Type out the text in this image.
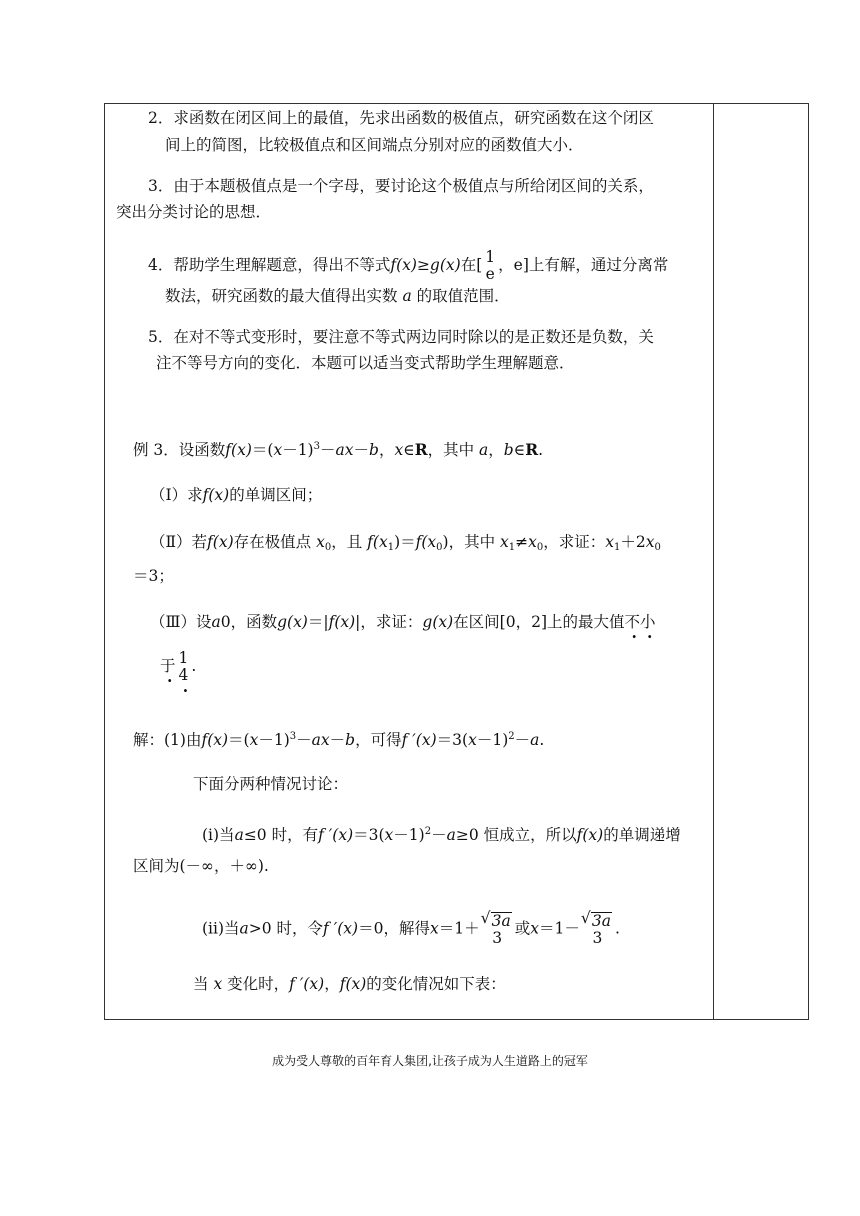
2．求函数在闭区间上的最值，先求出函数的极值点，研究函数在这个闭区
间上的简图，比较极值点和区间端点分别对应的函数值大小．
3．由于本题极值点是一个字母，要讨论这个极值点与所给闭区间的关系，
突出分类讨论的思想．
4．帮助学生理解题意，得出不等式f(x)≥g(x)在[ 1
e ，e]上有解，通过分离常
数法，研究函数的最大值得出实数 a 的取值范围．
5．在对不等式变形时，要注意不等式两边同时除以的是正数还是负数，关
注不等号方向的变化．本题可以适当变式帮助学生理解题意．
例 3．设函数$f(x)=(x-1)^3-ax-b$，x∈R，其中 a，b∈R.
（Ⅰ）求f(x)的单调区间；
（Ⅱ）若f(x)存在极值点 $x_0$，且 $f(x_1)=f(x_0)$，其中 $x_1\ne x_0$，求证：$x_1+2x_0$
＝3；
（Ⅲ）设a0，函数g(x)＝|f(x)|，求证：g(x)在区间[0，2]上的最大值不小
于 1
4 . .
解：(1)由$f(x)=(x-1)^3-ax-b$，可得f $'(x)=3(x-1)^2-a$.
下面分两种情况讨论：
(i)当a≤0 时，有f $'(x)=3(x-1)^2-a\ge 0$ 恒成立，所以f(x)的单调递增
区间为(－∞，＋∞).
(ii)当a>0 时，令f ′(x)＝0，解得x＝1＋ √ 3a
3
或x＝1－ √ 3a
3
.
当 x 变化时，f ′(x)，f(x)的变化情况如下表：
成为受人尊敬的百年育人集团,让孩子成为人生道路上的冠军
